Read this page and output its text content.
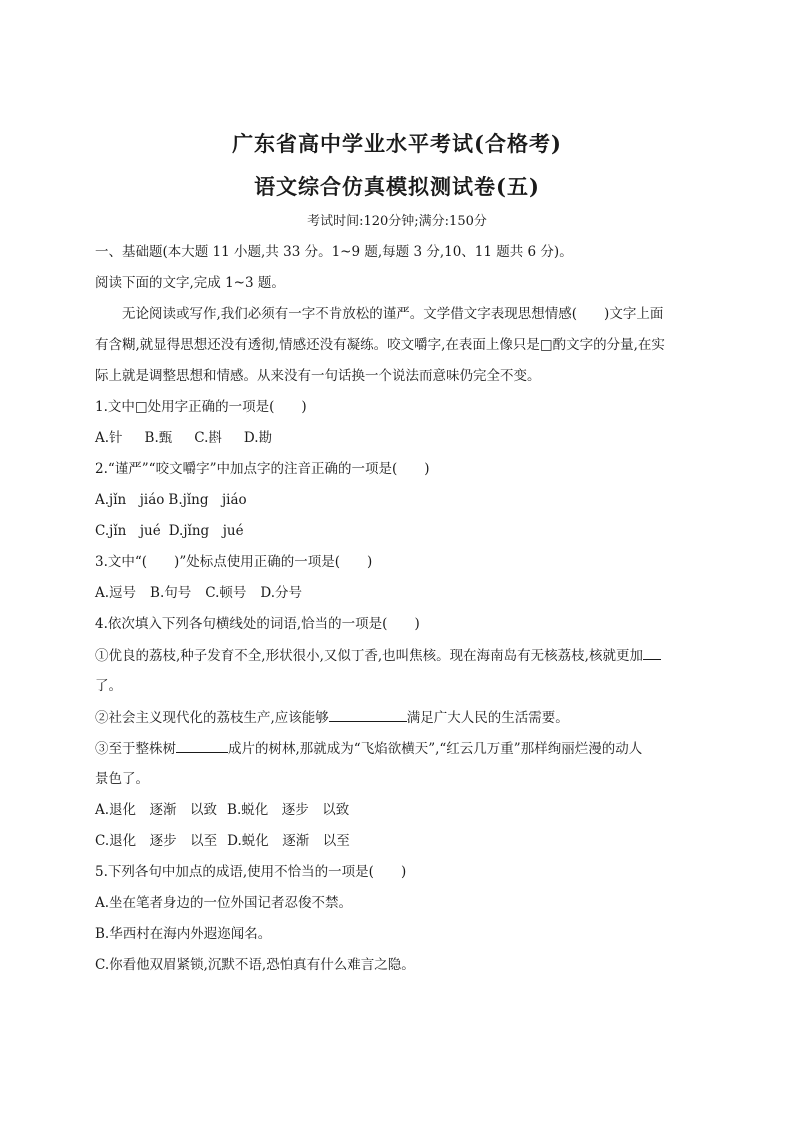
广东省高中学业水平考试(合格考)
语文综合仿真模拟测试卷(五)
考试时间:120分钟;满分:150分
一、基础题(本大题 11 小题,共 33 分。1~9 题,每题 3 分,10、11 题共 6 分)。
阅读下面的文字,完成 1~3 题。
无论阅读或写作,我们必须有一字不肯放松的谨严。文学借文字表现思想情感(　　)文字上面
有含糊,就显得思想还没有透彻,情感还没有凝练。咬文嚼字,在表面上像只是□酌文字的分量,在实
际上就是调整思想和情感。从来没有一句话换一个说法而意味仍完全不变。
1.文中□处用字正确的一项是(　　)
A.针 B.甄 C.斟 D.勘
2.“谨严”“咬文嚼字”中加点字的注音正确的一项是(　　)
A.jǐn　jiáo B.jǐng　jiáo
C.jǐn　jué D.jǐng　jué
3.文中“(　　)”处标点使用正确的一项是(　　)
A.逗号 B.句号 C.顿号 D.分号
4.依次填入下列各句横线处的词语,恰当的一项是(　　)
①优良的荔枝,种子发育不全,形状很小,又似丁香,也叫焦核。现在海南岛有无核荔枝,核就更加
了。
②社会主义现代化的荔枝生产,应该能够	满足广大人民的生活需要。
③至于整株树	成片的树林,那就成为“飞焰欲横天”,“红云几万重”那样绚丽烂漫的动人
景色了。
A.退化　逐渐　以致 B.蜕化　逐步　以致
C.退化　逐步　以至 D.蜕化　逐渐　以至
5.下列各句中加点的成语,使用不恰当的一项是(　　)
A.坐在笔者身边的一位外国记者忍俊不禁。
B.华西村在海内外遐迩闻名。
C.你看他双眉紧锁,沉默不语,恐怕真有什么难言之隐。
